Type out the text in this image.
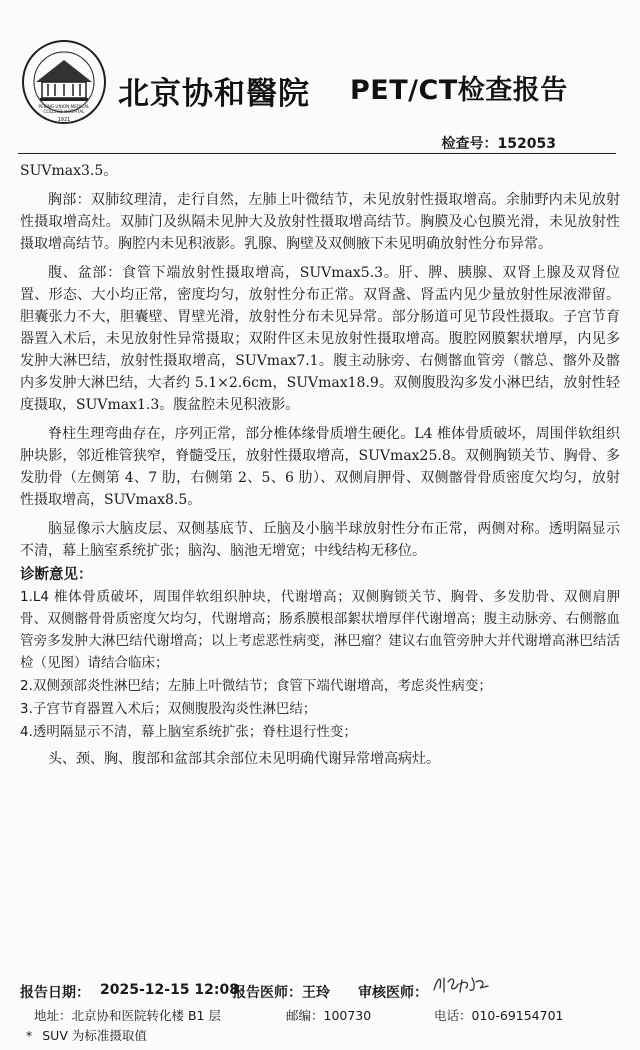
PEKING UNION MEDICAL
COLLEGE HOSPITAL
1921
北京协和醫院 PET/CT检查报告
检查号：152053

SUVmax3.5。

胸部：双肺纹理清，走行自然，左肺上叶微结节，未见放射性摄取增高。余肺野内未见放射性摄取增高灶。双肺门及纵隔未见肿大及放射性摄取增高结节。胸膜及心包膜光滑，未见放射性摄取增高结节。胸腔内未见积液影。乳腺、胸壁及双侧腋下未见明确放射性分布异常。

腹、盆部：食管下端放射性摄取增高，SUVmax5.3。肝、脾、胰腺、双肾上腺及双肾位置、形态、大小均正常，密度均匀，放射性分布正常。双肾盏、肾盂内见少量放射性尿液滞留。胆囊张力不大，胆囊壁、胃壁光滑，放射性分布未见异常。部分肠道可见节段性摄取。子宫节育器置入术后，未见放射性异常摄取；双附件区未见放射性摄取增高。腹腔网膜絮状增厚，内见多发肿大淋巴结，放射性摄取增高，SUVmax7.1。腹主动脉旁、右侧髂血管旁（髂总、髂外及髂内多发肿大淋巴结，大者约 5.1×2.6cm，SUVmax18.9。双侧腹股沟多发小淋巴结，放射性轻度摄取，SUVmax1.3。腹盆腔未见积液影。

脊柱生理弯曲存在，序列正常，部分椎体缘骨质增生硬化。L4 椎体骨质破坏，周围伴软组织肿块影，邻近椎管狭窄，脊髓受压，放射性摄取增高，SUVmax25.8。双侧胸锁关节、胸骨、多发肋骨（左侧第 4、7 肋，右侧第 2、5、6 肋）、双侧肩胛骨、双侧髂骨骨质密度欠均匀，放射性摄取增高，SUVmax8.5。

脑显像示大脑皮层、双侧基底节、丘脑及小脑半球放射性分布正常，两侧对称。透明隔显示不清，幕上脑室系统扩张；脑沟、脑池无增宽；中线结构无移位。

诊断意见：

1.L4 椎体骨质破坏，周围伴软组织肿块，代谢增高；双侧胸锁关节、胸骨、多发肋骨、双侧肩胛骨、双侧髂骨骨质密度欠均匀，代谢增高；肠系膜根部絮状增厚伴代谢增高；腹主动脉旁、右侧髂血管旁多发肿大淋巴结代谢增高；以上考虑恶性病变，淋巴瘤？建议右血管旁肿大并代谢增高淋巴结活检（见图）请结合临床；

2.双侧颈部炎性淋巴结；左肺上叶微结节；食管下端代谢增高，考虑炎性病变；

3.子宫节育器置入术后；双侧腹股沟炎性淋巴结；

4.透明隔显示不清，幕上脑室系统扩张；脊柱退行性变；

头、颈、胸、腹部和盆部其余部位未见明确代谢异常增高病灶。

报告日期： 2025-12-15 12:08
报告医师： 王玲 审核医师：
地址：北京协和医院转化楼 B1 层	邮编：100730	电话：010-69154701
* SUV 为标准摄取值
